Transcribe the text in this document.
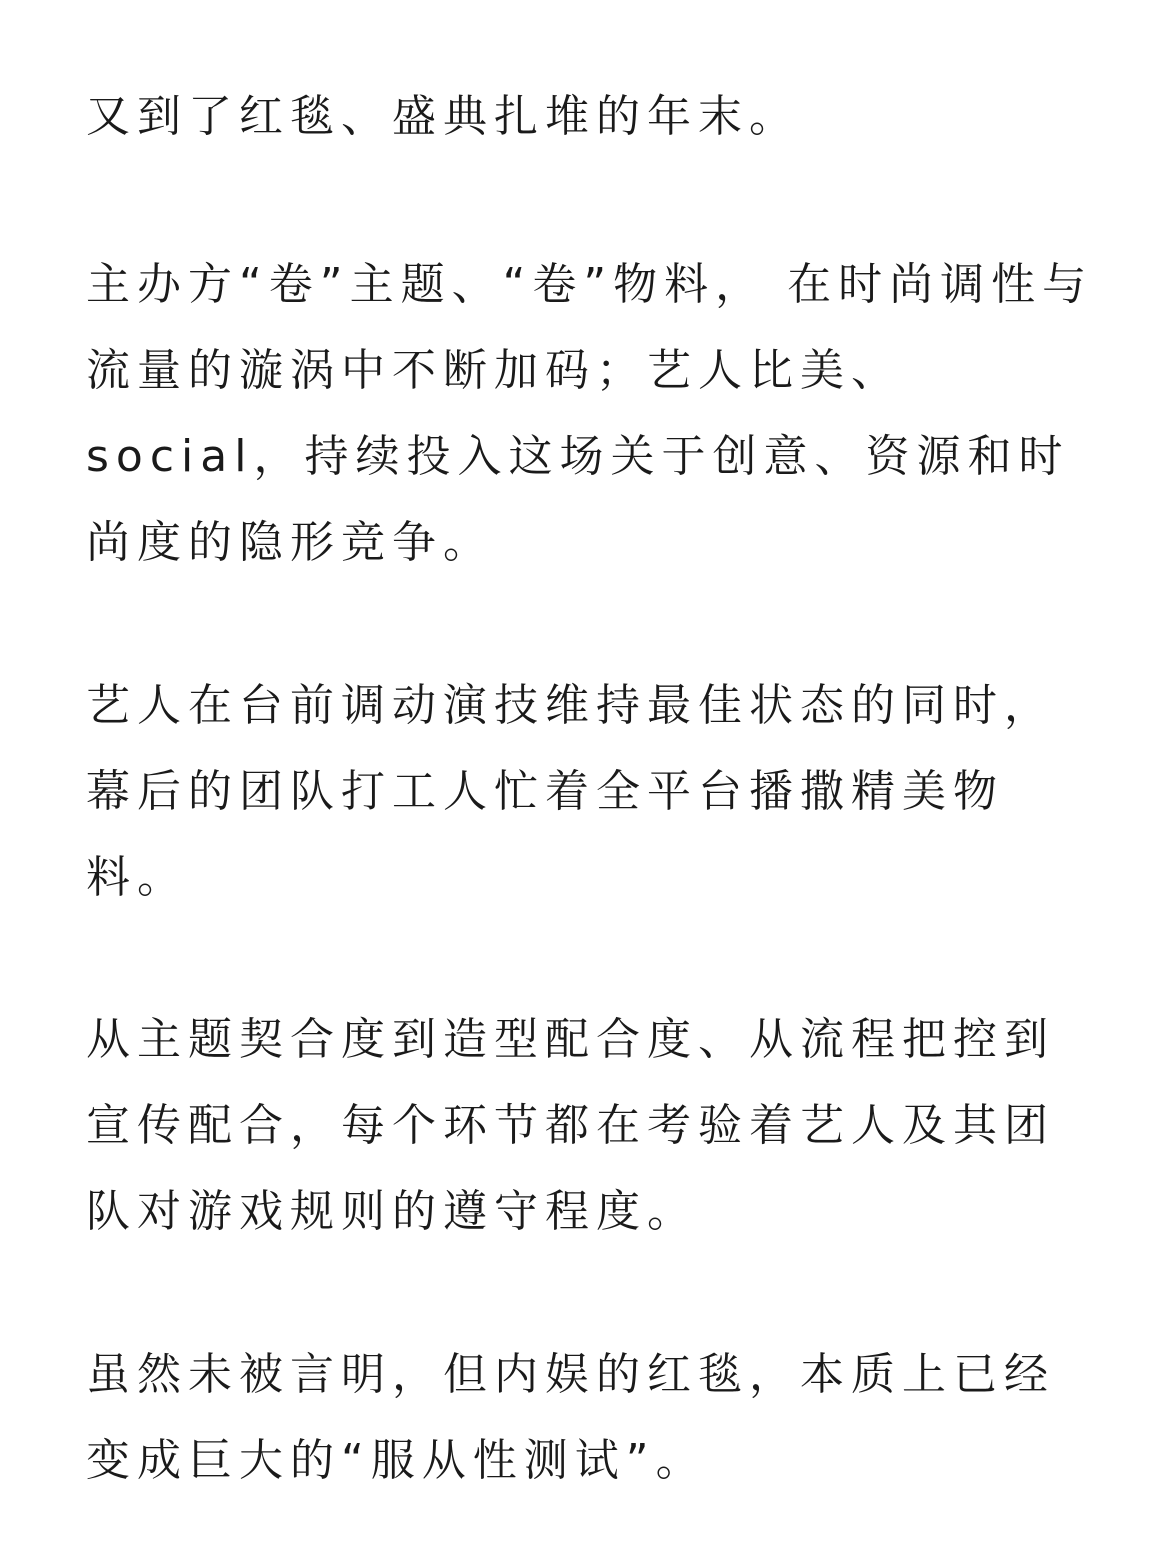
又到了红毯、盛典扎堆的年末。

主办方“卷”主题、“卷”物料， 在时尚调性与
流量的漩涡中不断加码；艺人比美、
social，持续投入这场关于创意、资源和时
尚度的隐形竞争。

艺人在台前调动演技维持最佳状态的同时，
幕后的团队打工人忙着全平台播撒精美物
料。

从主题契合度到造型配合度、从流程把控到
宣传配合，每个环节都在考验着艺人及其团
队对游戏规则的遵守程度。

虽然未被言明，但内娱的红毯，本质上已经
变成巨大的“服从性测试”。
